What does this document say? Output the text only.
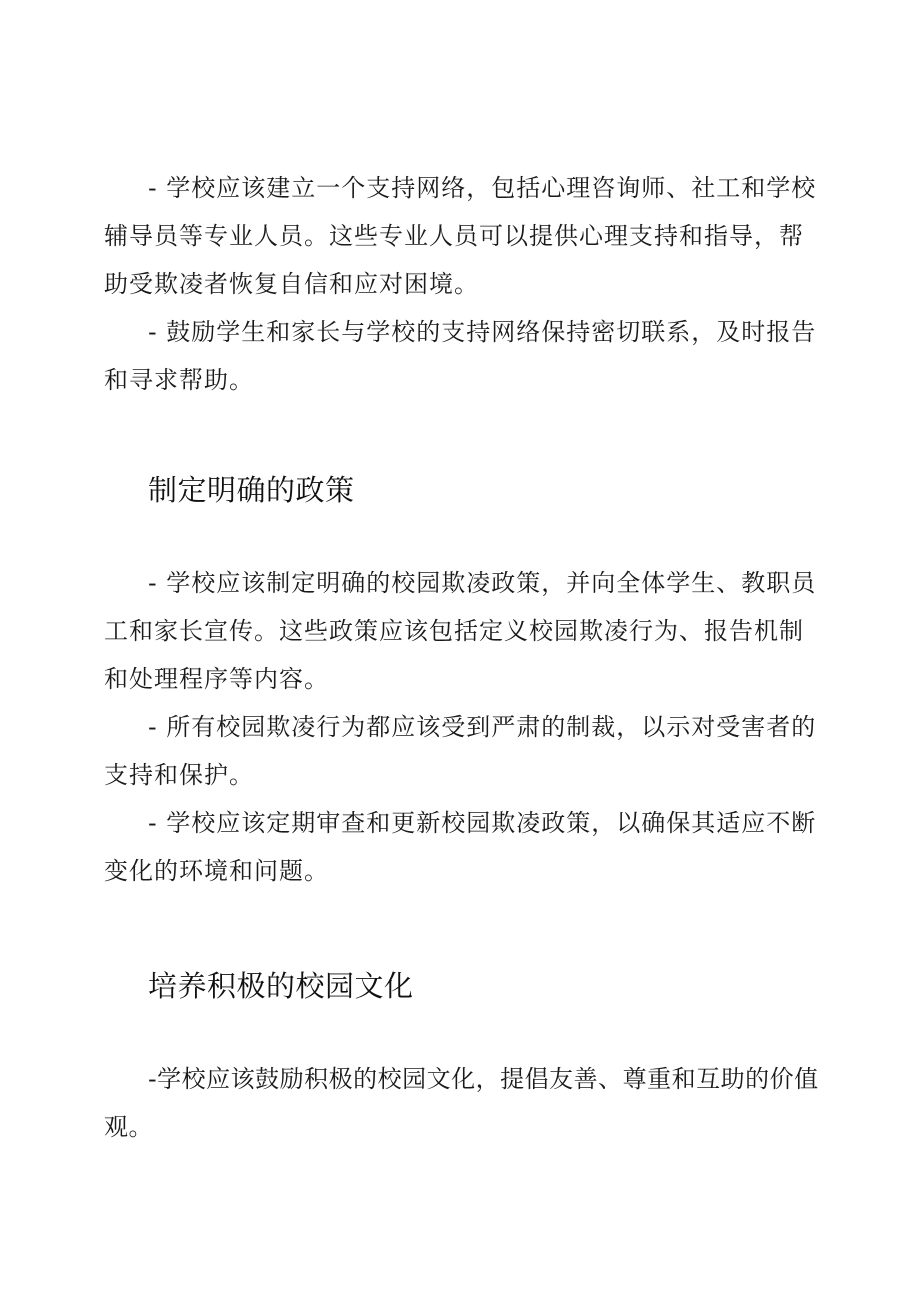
- 学校应该建立一个支持网络，包括心理咨询师、社工和学校辅导员等专业人员。这些专业人员可以提供心理支持和指导，帮助受欺凌者恢复自信和应对困境。

- 鼓励学生和家长与学校的支持网络保持密切联系，及时报告和寻求帮助。

制定明确的政策

- 学校应该制定明确的校园欺凌政策，并向全体学生、教职员工和家长宣传。这些政策应该包括定义校园欺凌行为、报告机制和处理程序等内容。

- 所有校园欺凌行为都应该受到严肃的制裁，以示对受害者的支持和保护。

- 学校应该定期审查和更新校园欺凌政策，以确保其适应不断变化的环境和问题。

培养积极的校园文化

-学校应该鼓励积极的校园文化，提倡友善、尊重和互助的价值观。
